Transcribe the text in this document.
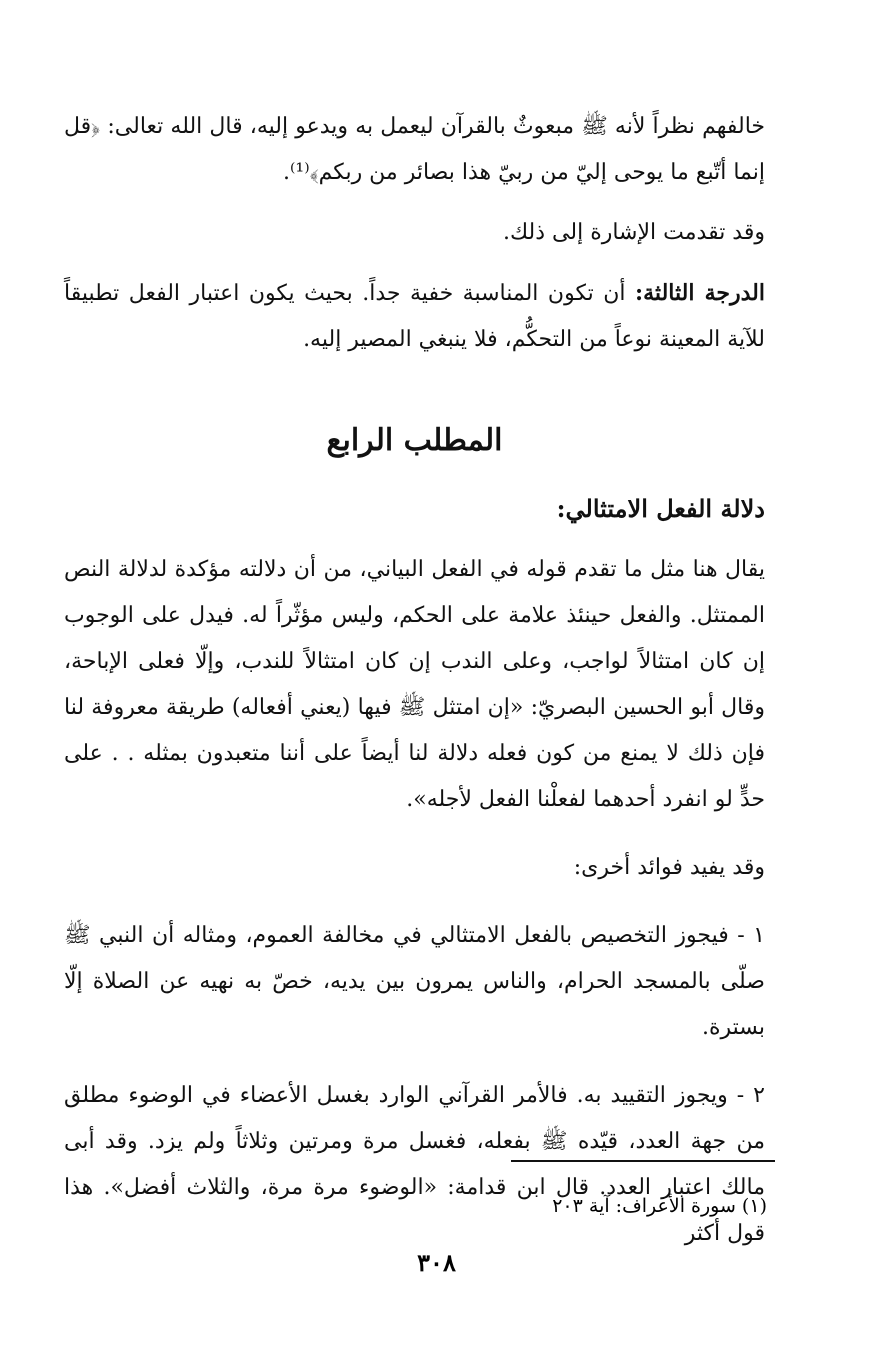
خالفهم نظراً لأنه ﷺ مبعوثٌ بالقرآن ليعمل به ويدعو إليه، قال الله تعالى: ﴿قل إنما أتّبع ما يوحى إليّ من ربيّ هذا بصائر من ربكم﴾⁽¹⁾.

وقد تقدمت الإشارة إلى ذلك.

الدرجة الثالثة: أن تكون المناسبة خفية جداً. بحيث يكون اعتبار الفعل تطبيقاً للآية المعينة نوعاً من التحكُّم، فلا ينبغي المصير إليه.

المطلب الرابع
دلالة الفعل الامتثالي:

يقال هنا مثل ما تقدم قوله في الفعل البياني، من أن دلالته مؤكدة لدلالة النص الممتثل. والفعل حينئذ علامة على الحكم، وليس مؤثّراً له. فيدل على الوجوب إن كان امتثالاً لواجب، وعلى الندب إن كان امتثالاً للندب، وإلّا فعلى الإباحة، وقال أبو الحسين البصريّ: «إن امتثل ﷺ فيها (يعني أفعاله) طريقة معروفة لنا فإن ذلك لا يمنع من كون فعله دلالة لنا أيضاً على أننا متعبدون بمثله . . على حدٍّ لو انفرد أحدهما لفعلْنا الفعل لأجله».

وقد يفيد فوائد أخرى:

١ - فيجوز التخصيص بالفعل الامتثالي في مخالفة العموم، ومثاله أن النبي ﷺ صلّى بالمسجد الحرام، والناس يمرون بين يديه، خصّ به نهيه عن الصلاة إلّا بسترة.

٢ - ويجوز التقييد به. فالأمر القرآني الوارد بغسل الأعضاء في الوضوء مطلق من جهة العدد، قيّده ﷺ بفعله، فغسل مرة ومرتين وثلاثاً ولم يزد. وقد أبى مالك اعتبار العدد. قال ابن قدامة: «الوضوء مرة مرة، والثلاث أفضل». هذا قول أكثر

(١) سورة الأعراف: آية ٢٠٣
٣٠٨
